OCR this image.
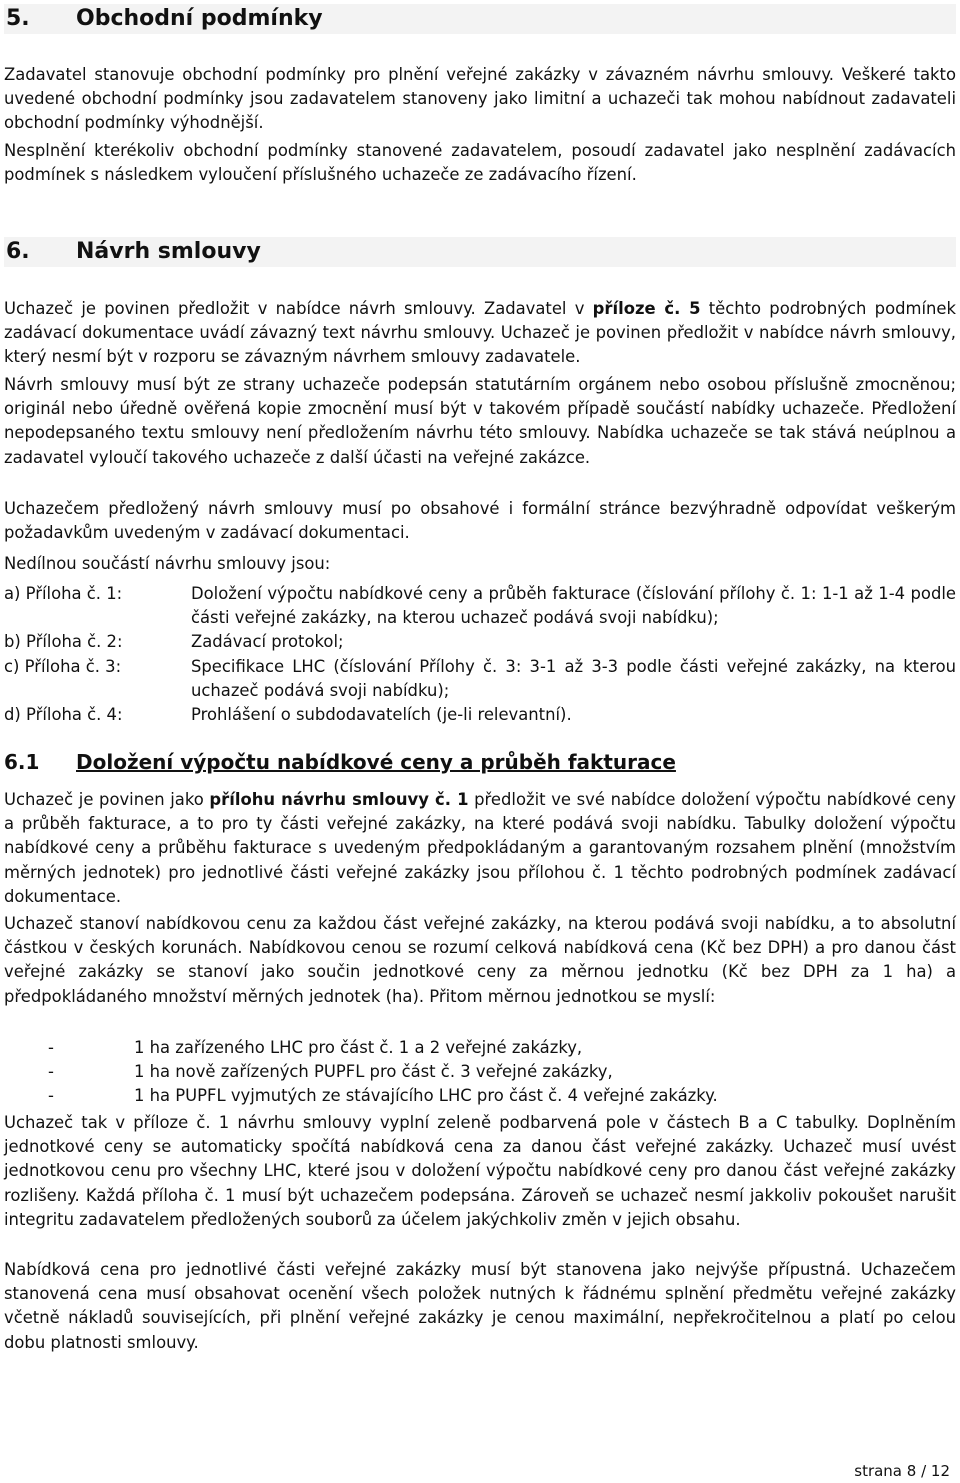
5.	Obchodní podmínky

Zadavatel stanovuje obchodní podmínky pro plnění veřejné zakázky v závazném návrhu smlouvy. Veškeré takto uvedené obchodní podmínky jsou zadavatelem stanoveny jako limitní a uchazeči tak mohou nabídnout zadavateli obchodní podmínky výhodnější.

Nesplnění kterékoliv obchodní podmínky stanovené zadavatelem, posoudí zadavatel jako nesplnění zadávacích podmínek s následkem vyloučení příslušného uchazeče ze zadávacího řízení.

6.	Návrh smlouvy

Uchazeč je povinen předložit v nabídce návrh smlouvy. Zadavatel v příloze č. 5 těchto podrobných podmínek zadávací dokumentace uvádí závazný text návrhu smlouvy. Uchazeč je povinen předložit v nabídce návrh smlouvy, který nesmí být v rozporu se závazným návrhem smlouvy zadavatele.

Návrh smlouvy musí být ze strany uchazeče podepsán statutárním orgánem nebo osobou příslušně zmocněnou; originál nebo úředně ověřená kopie zmocnění musí být v takovém případě součástí nabídky uchazeče. Předložení nepodepsaného textu smlouvy není předložením návrhu této smlouvy. Nabídka uchazeče se tak stává neúplnou a zadavatel vyloučí takového uchazeče z další účasti na veřejné zakázce.

Uchazečem předložený návrh smlouvy musí po obsahové i formální stránce bezvýhradně odpovídat veškerým požadavkům uvedeným v zadávací dokumentaci.

Nedílnou součástí návrhu smlouvy jsou:

a) Příloha č. 1:	Doložení výpočtu nabídkové ceny a průběh fakturace (číslování přílohy č. 1: 1-1 až 1-4 podle části veřejné zakázky, na kterou uchazeč podává svoji nabídku);
b) Příloha č. 2:	Zadávací protokol;
c) Příloha č. 3:	Specifikace LHC (číslování Přílohy č. 3: 3-1 až 3-3 podle části veřejné zakázky, na kterou uchazeč podává svoji nabídku);
d) Příloha č. 4:	Prohlášení o subdodavatelích (je-li relevantní).
6.1	Doložení výpočtu nabídkové ceny a průběh fakturace

Uchazeč je povinen jako přílohu návrhu smlouvy č. 1 předložit ve své nabídce doložení výpočtu nabídkové ceny a průběh fakturace, a to pro ty části veřejné zakázky, na které podává svoji nabídku. Tabulky doložení výpočtu nabídkové ceny a průběhu fakturace s uvedeným předpokládaným a garantovaným rozsahem plnění (množstvím měrných jednotek) pro jednotlivé části veřejné zakázky jsou přílohou č. 1 těchto podrobných podmínek zadávací dokumentace.

Uchazeč stanoví nabídkovou cenu za každou část veřejné zakázky, na kterou podává svoji nabídku, a to absolutní částkou v českých korunách. Nabídkovou cenou se rozumí celková nabídková cena (Kč bez DPH) a pro danou část veřejné zakázky se stanoví jako součin jednotkové ceny za měrnou jednotku (Kč bez DPH za 1 ha) a předpokládaného množství měrných jednotek (ha). Přitom měrnou jednotkou se myslí:

-	1 ha zařízeného LHC pro část č. 1 a 2 veřejné zakázky,
-	1 ha nově zařízených PUPFL pro část č. 3 veřejné zakázky,
-	1 ha PUPFL vyjmutých ze stávajícího LHC pro část č. 4 veřejné zakázky.

Uchazeč tak v příloze č. 1 návrhu smlouvy vyplní zeleně podbarvená pole v částech B a C tabulky. Doplněním jednotkové ceny se automaticky spočítá nabídková cena za danou část veřejné zakázky. Uchazeč musí uvést jednotkovou cenu pro všechny LHC, které jsou v doložení výpočtu nabídkové ceny pro danou část veřejné zakázky rozlišeny. Každá příloha č. 1 musí být uchazečem podepsána. Zároveň se uchazeč nesmí jakkoliv pokoušet narušit integritu zadavatelem předložených souborů za účelem jakýchkoliv změn v jejich obsahu.

Nabídková cena pro jednotlivé části veřejné zakázky musí být stanovena jako nejvýše přípustná. Uchazečem stanovená cena musí obsahovat ocenění všech položek nutných k řádnému splnění předmětu veřejné zakázky včetně nákladů souvisejících, při plnění veřejné zakázky je cenou maximální, nepřekročitelnou a platí po celou dobu platnosti smlouvy.

strana 8 / 12
